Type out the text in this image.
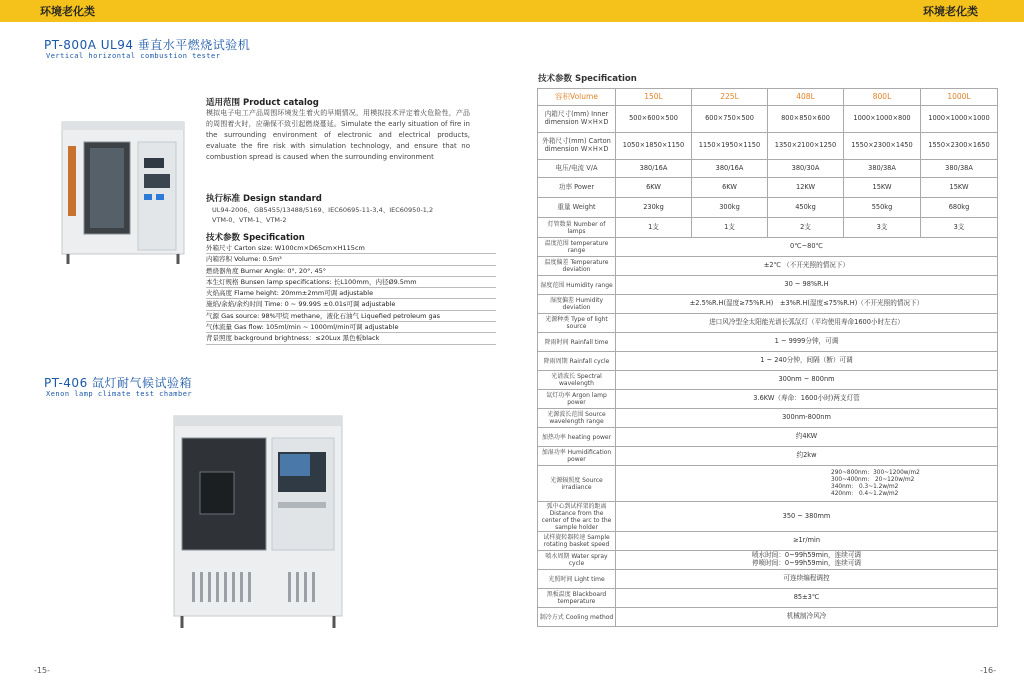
环境老化类	环境老化类
PT-800A UL94 垂直水平燃烧试验机
Vertical horizontal combustion tester
适用范围 Product catalog
模拟电子电工产品周围环境发生着火的早期情况，用模拟技术评定着火危险性，产品的周围着火时，应确保不致引起燃烧蔓延。Simulate the early situation of fire in the surrounding environment of electronic and electrical products, evaluate the fire risk with simulation technology, and ensure that no combustion spread is caused when the surrounding environment
执行标准 Design standard
UL94-2006、GB5455/13488/5169、IEC60695-11-3,4、IEC60950-1,2
VTM-0、VTM-1、VTM-2
技术参数 Specification
外箱尺寸 Carton size: W100cm×D65cm×H115cm
内箱容积 Volume: 0.5m³
燃烧器角度 Burner Angle: 0°, 20°, 45°
本生灯规格 Bunsen lamp specifications: 长L100mm，内径Ø9.5mm
火焰高度 Flame height: 20mm±2mm可调 adjustable
施焰/余焰/余灼时间 Time: 0 ~ 99.99S ±0.01s可调 adjustable
气源 Gas source: 98%甲烷 methane，液化石油气 Liquefied petroleum gas
气体流量 Gas flow: 105ml/min ~ 1000ml/min可调 adjustable
背景照度 background brightness：≤20Lux 黑色板black
PT-406 氙灯耐气候试验箱
Xenon lamp climate test chamber
技术参数 Specification
容积Volume	150L	225L	408L	800L	1000L
内箱尺寸(mm) Inner dimension W×H×D	500×600×500	600×750×500	800×850×600	1000×1000×800	1000×1000×1000
外箱尺寸(mm) Carton dimension W×H×D	1050×1850×1150	1150×1950×1150	1350×2100×1250	1550×2300×1450	1550×2300×1650
电压/电流 V/A	380/16A	380/16A	380/30A	380/38A	380/38A
功率 Power	6KW	6KW	12KW	15KW	15KW
重量 Weight	230kg	300kg	450kg	550kg	680kg
灯管数量 Number of lamps	1支	1支	2支	3支	3支
温度范围 temperature range	0℃~80℃				
温度偏差 Temperature deviation	±2℃ （不开光照的情况下）				
湿度范围 Humidity range	30 ~ 98%R.H				
湿度偏差 Humidity deviation	±2.5%R.H(湿度≥75%R.H)　±3%R.H(湿度≤75%R.H)（不开光照的情况下）				
光源种类 Type of light source	进口风冷型全太阳能光谱长弧氙灯（平均使用寿命1600小时左右）				
降雨时间 Rainfall time	1 ~ 9999分钟，可调				
降雨周期 Rainfall cycle	1 ~ 240分钟，间隔（断）可调				
光谱波长 Spectral wavelength	300nm ~ 800nm				
氙灯功率 Argon lamp power	3.6KW（寿命：1600小时)两支灯管				
光源波长范围 Source wavelength range	300nm-800nm				
加热功率 heating power	约4KW				
加湿功率 Humidification power	约2kw				
光源辐照度 Source irradiance	290~800nm：300~1200w/m2
300~400nm： 20~120w/m2
340nm： 0.3~1.2w/m2
420nm： 0.4~1.2w/m2				

弧中心到试样架的距离 Distance from the center of the arc to the sample holder	350 ~ 380mm				
试样旋转器转速 Sample rotating basket speed	≥1r/min				
喷水周期 Water spray cycle	喷水时间：0~99h59min，连续可调
停喷时间：0~99h59min，连续可调				
光照时间 Light time	可连续编程调控				
黑板温度 Blackboard temperature	85±3℃				
制冷方式 Cooling method	机械制冷风冷				
-15-	-16-
